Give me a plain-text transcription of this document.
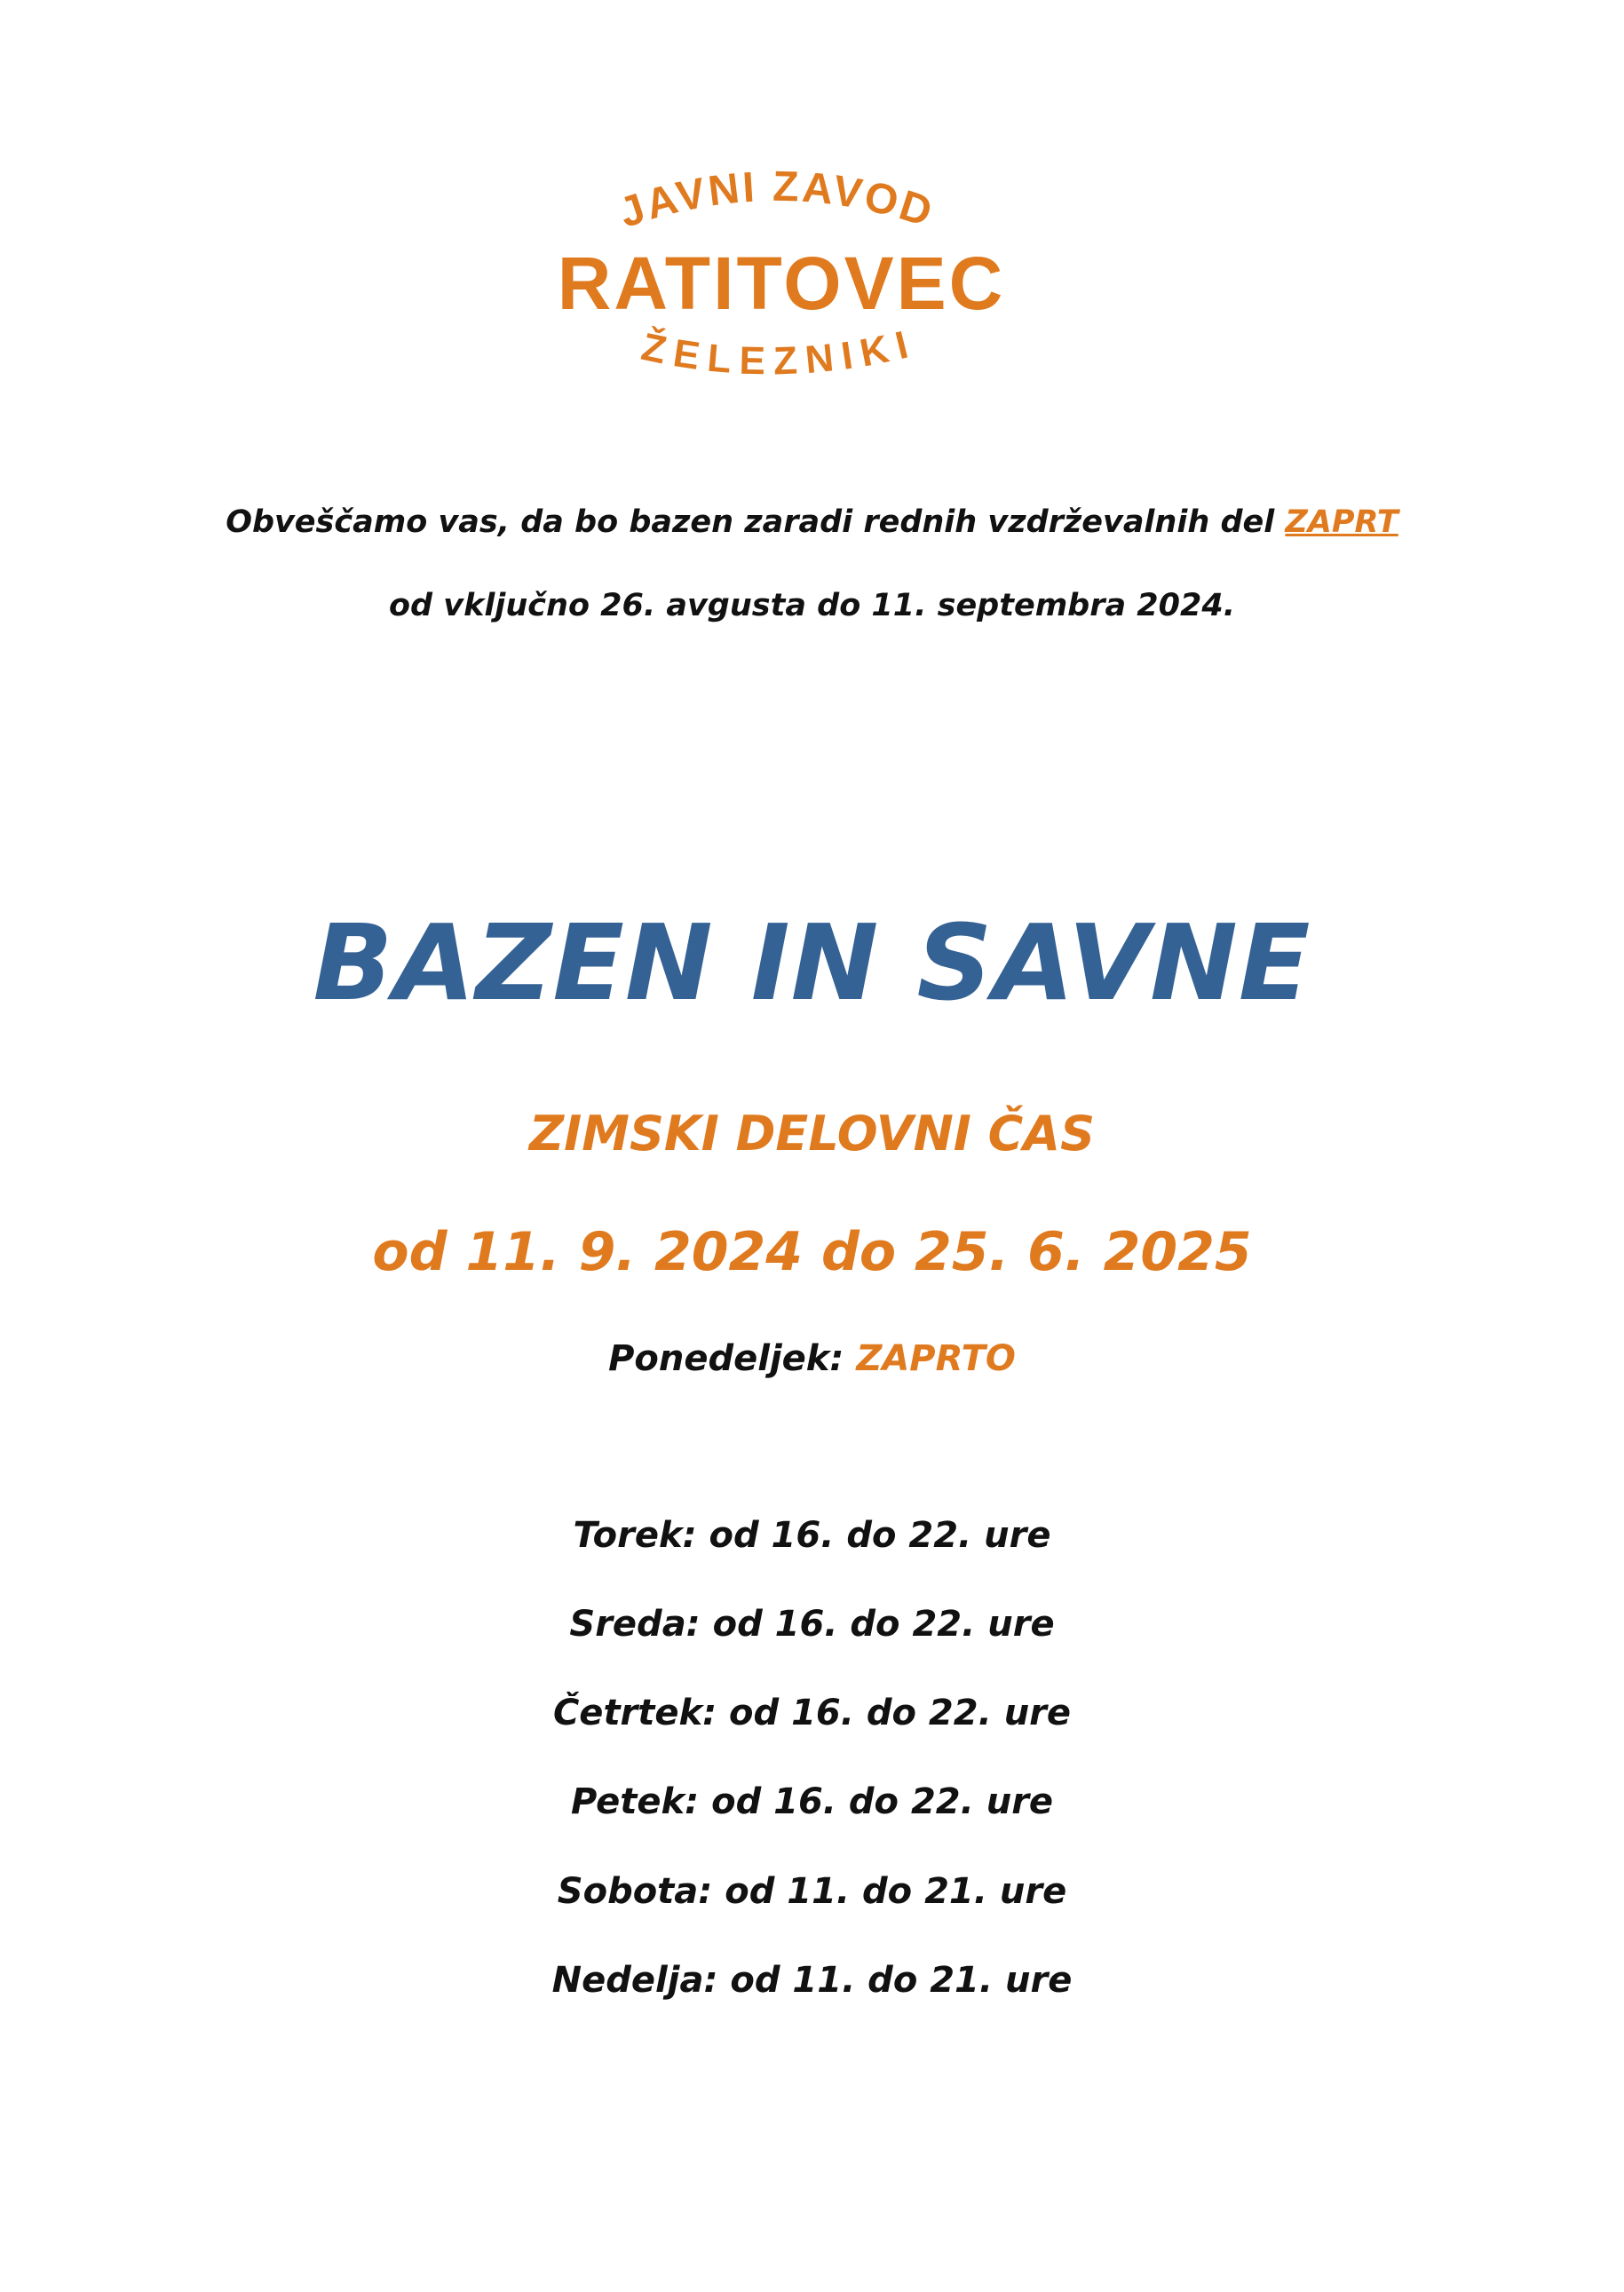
JAVNI ZAVOD
RATITOVEC
ŽELEZNIKI
Obveščamo vas, da bo bazen zaradi rednih vzdrževalnih del ZAPRT
od vključno 26. avgusta do 11. septembra 2024.
BAZEN IN SAVNE
ZIMSKI DELOVNI ČAS
od 11. 9. 2024 do 25. 6. 2025
Ponedeljek: ZAPRTO
Torek: od 16. do 22. ure
Sreda: od 16. do 22. ure
Četrtek: od 16. do 22. ure
Petek: od 16. do 22. ure
Sobota: od 11. do 21. ure
Nedelja: od 11. do 21. ure
